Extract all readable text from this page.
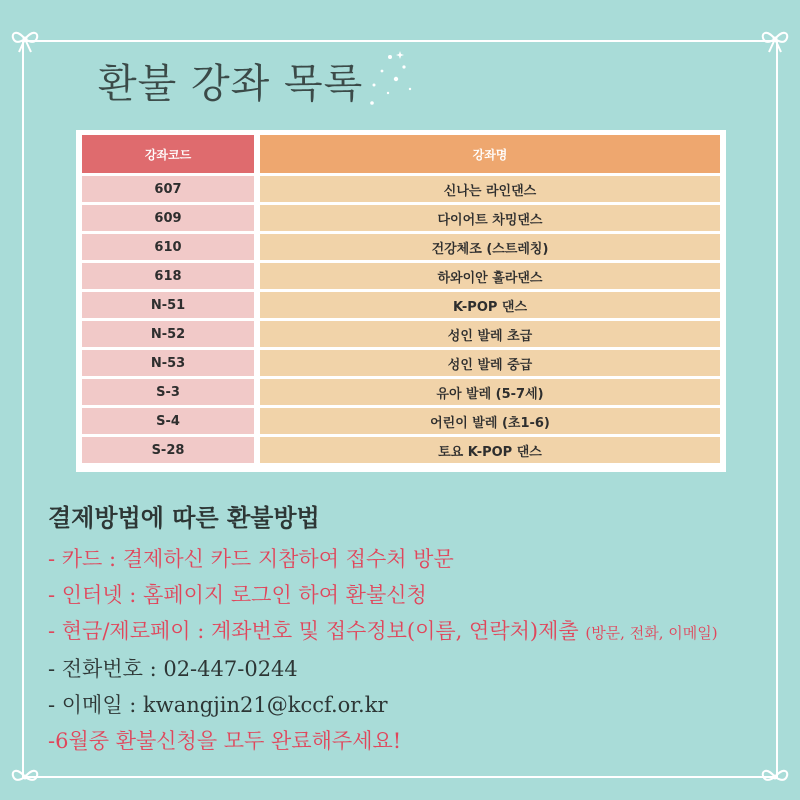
환불 강좌 목록
강좌코드		강좌명
607		신나는 라인댄스
609		다이어트 차밍댄스
610		건강체조 (스트레칭)
618		하와이안 훌라댄스
N-51		K-POP 댄스
N-52		성인 발레 초급
N-53		성인 발레 중급
S-3		유아 발레 (5-7세)
S-4		어린이 발레 (초1-6)
S-28		토요 K-POP 댄스
결제방법에 따른 환불방법
- 카드 : 결제하신 카드 지참하여 접수처 방문
- 인터넷 : 홈페이지 로그인 하여 환불신청
- 현금/제로페이 : 계좌번호 및 접수정보(이름, 연락처)제출 (방문, 전화, 이메일)
- 전화번호 : 02-447-0244
- 이메일 : kwangjin21@kccf.or.kr
-6월중 환불신청을 모두 완료해주세요!
